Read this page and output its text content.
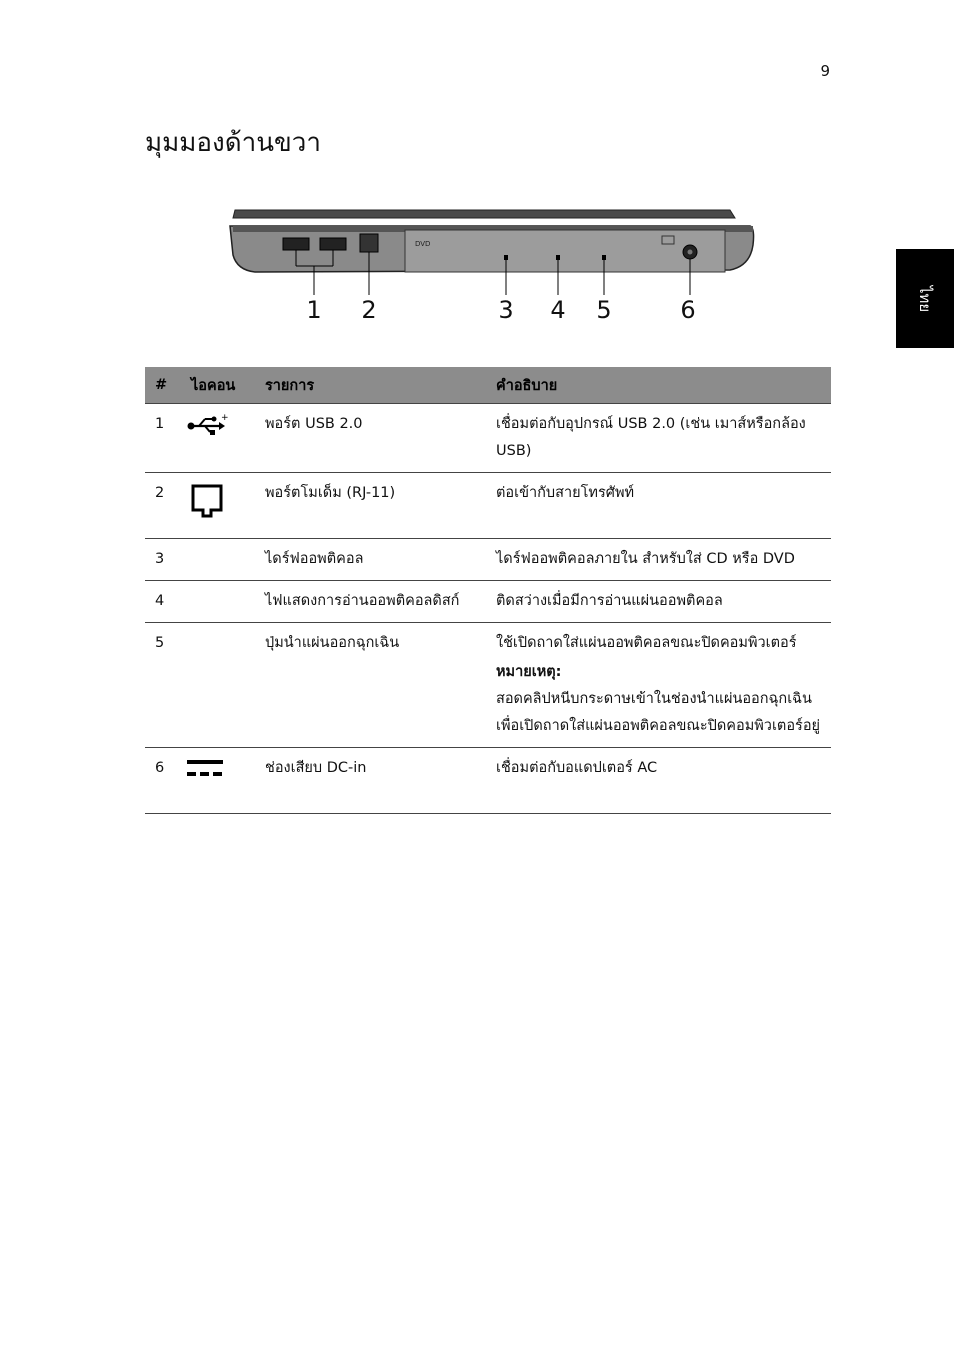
9
มุมมองด้านขวา
ไทย
DVD
1 2	3 4 5	6
#	ไอคอน	รายการ	คำอธิบาย
1	+	พอร์ต USB 2.0	เชื่อมต่อกับอุปกรณ์ USB 2.0 (เช่น เมาส์หรือกล้อง USB)
2		พอร์ตโมเด็ม (RJ-11)	ต่อเข้ากับสายโทรศัพท์
3		ไดร์ฟออพติคอล	ไดร์ฟออพติคอลภายใน สำหรับใส่ CD หรือ DVD
4		ไฟแสดงการอ่านออพติคอลดิสก์	ติดสว่างเมื่อมีการอ่านแผ่นออพติคอล
5		ปุ่มนำแผ่นออกฉุกเฉิน	ใช้เปิดถาดใส่แผ่นออพติคอลขณะปิดคอมพิวเตอร์
หมายเหตุ:
สอดคลิปหนีบกระดาษเข้าในช่องนำแผ่นออกฉุกเฉินเพื่อเปิดถาดใส่แผ่นออพติคอลขณะปิดคอมพิวเตอร์อยู่

6		ช่องเสียบ DC-in	เชื่อมต่อกับอแดปเตอร์ AC
